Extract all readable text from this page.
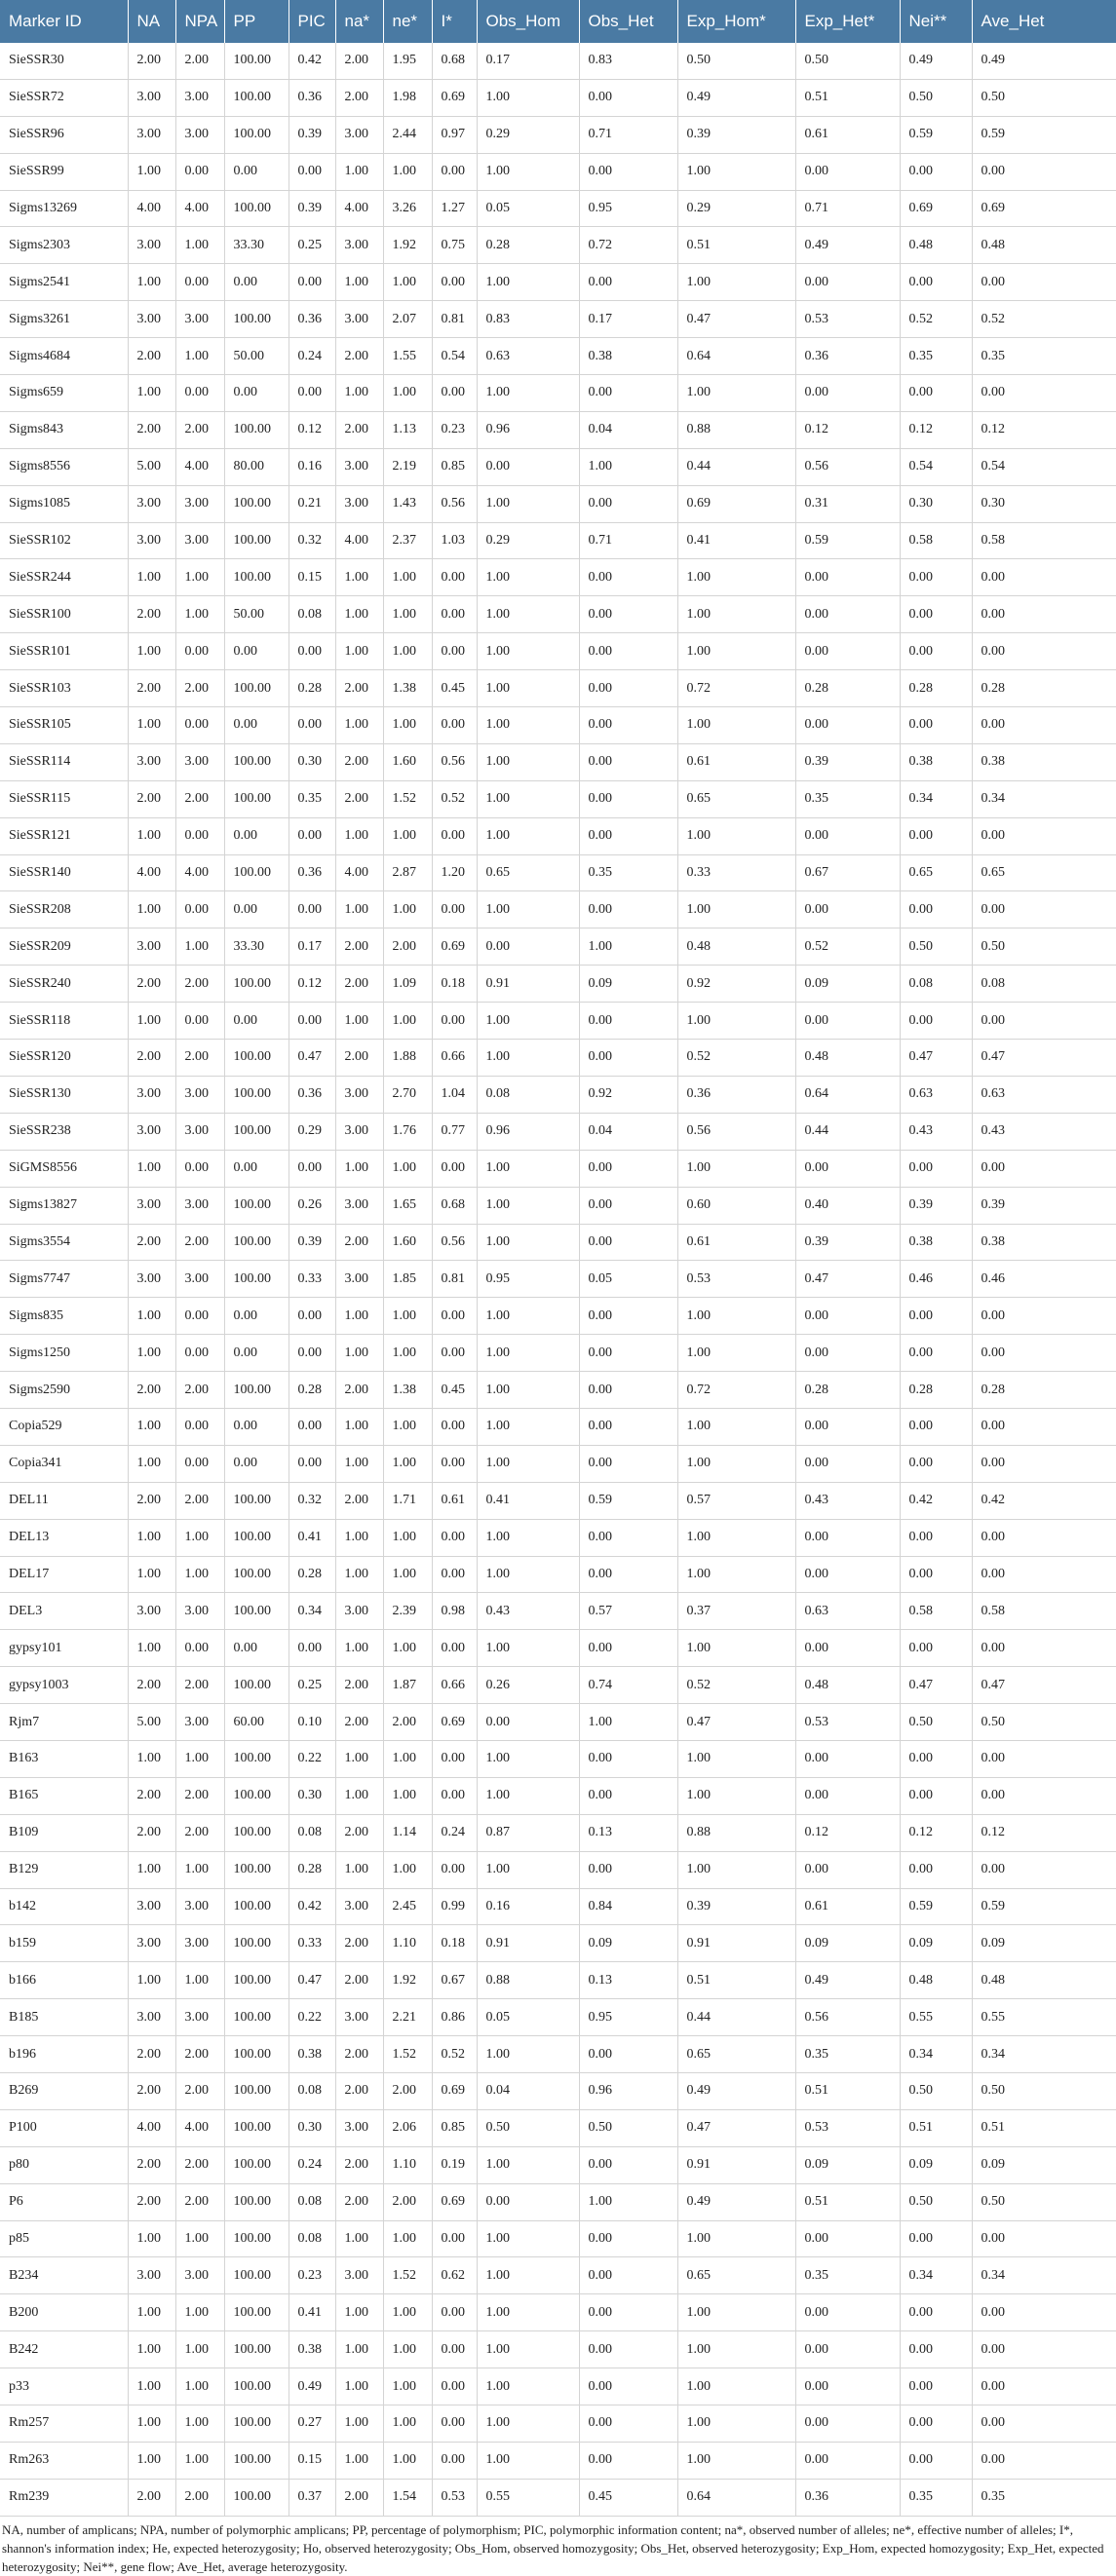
Marker ID	NA	NPA	PP	PIC	na*	ne*	I*	Obs_Hom	Obs_Het	Exp_Hom*	Exp_Het*	Nei**	Ave_Het
SieSSR30	2.00	2.00	100.00	0.42	2.00	1.95	0.68	0.17	0.83	0.50	0.50	0.49	0.49
SieSSR72	3.00	3.00	100.00	0.36	2.00	1.98	0.69	1.00	0.00	0.49	0.51	0.50	0.50
SieSSR96	3.00	3.00	100.00	0.39	3.00	2.44	0.97	0.29	0.71	0.39	0.61	0.59	0.59
SieSSR99	1.00	0.00	0.00	0.00	1.00	1.00	0.00	1.00	0.00	1.00	0.00	0.00	0.00
Sigms13269	4.00	4.00	100.00	0.39	4.00	3.26	1.27	0.05	0.95	0.29	0.71	0.69	0.69
Sigms2303	3.00	1.00	33.30	0.25	3.00	1.92	0.75	0.28	0.72	0.51	0.49	0.48	0.48
Sigms2541	1.00	0.00	0.00	0.00	1.00	1.00	0.00	1.00	0.00	1.00	0.00	0.00	0.00
Sigms3261	3.00	3.00	100.00	0.36	3.00	2.07	0.81	0.83	0.17	0.47	0.53	0.52	0.52
Sigms4684	2.00	1.00	50.00	0.24	2.00	1.55	0.54	0.63	0.38	0.64	0.36	0.35	0.35
Sigms659	1.00	0.00	0.00	0.00	1.00	1.00	0.00	1.00	0.00	1.00	0.00	0.00	0.00
Sigms843	2.00	2.00	100.00	0.12	2.00	1.13	0.23	0.96	0.04	0.88	0.12	0.12	0.12
Sigms8556	5.00	4.00	80.00	0.16	3.00	2.19	0.85	0.00	1.00	0.44	0.56	0.54	0.54
Sigms1085	3.00	3.00	100.00	0.21	3.00	1.43	0.56	1.00	0.00	0.69	0.31	0.30	0.30
SieSSR102	3.00	3.00	100.00	0.32	4.00	2.37	1.03	0.29	0.71	0.41	0.59	0.58	0.58
SieSSR244	1.00	1.00	100.00	0.15	1.00	1.00	0.00	1.00	0.00	1.00	0.00	0.00	0.00
SieSSR100	2.00	1.00	50.00	0.08	1.00	1.00	0.00	1.00	0.00	1.00	0.00	0.00	0.00
SieSSR101	1.00	0.00	0.00	0.00	1.00	1.00	0.00	1.00	0.00	1.00	0.00	0.00	0.00
SieSSR103	2.00	2.00	100.00	0.28	2.00	1.38	0.45	1.00	0.00	0.72	0.28	0.28	0.28
SieSSR105	1.00	0.00	0.00	0.00	1.00	1.00	0.00	1.00	0.00	1.00	0.00	0.00	0.00
SieSSR114	3.00	3.00	100.00	0.30	2.00	1.60	0.56	1.00	0.00	0.61	0.39	0.38	0.38
SieSSR115	2.00	2.00	100.00	0.35	2.00	1.52	0.52	1.00	0.00	0.65	0.35	0.34	0.34
SieSSR121	1.00	0.00	0.00	0.00	1.00	1.00	0.00	1.00	0.00	1.00	0.00	0.00	0.00
SieSSR140	4.00	4.00	100.00	0.36	4.00	2.87	1.20	0.65	0.35	0.33	0.67	0.65	0.65
SieSSR208	1.00	0.00	0.00	0.00	1.00	1.00	0.00	1.00	0.00	1.00	0.00	0.00	0.00
SieSSR209	3.00	1.00	33.30	0.17	2.00	2.00	0.69	0.00	1.00	0.48	0.52	0.50	0.50
SieSSR240	2.00	2.00	100.00	0.12	2.00	1.09	0.18	0.91	0.09	0.92	0.09	0.08	0.08
SieSSR118	1.00	0.00	0.00	0.00	1.00	1.00	0.00	1.00	0.00	1.00	0.00	0.00	0.00
SieSSR120	2.00	2.00	100.00	0.47	2.00	1.88	0.66	1.00	0.00	0.52	0.48	0.47	0.47
SieSSR130	3.00	3.00	100.00	0.36	3.00	2.70	1.04	0.08	0.92	0.36	0.64	0.63	0.63
SieSSR238	3.00	3.00	100.00	0.29	3.00	1.76	0.77	0.96	0.04	0.56	0.44	0.43	0.43
SiGMS8556	1.00	0.00	0.00	0.00	1.00	1.00	0.00	1.00	0.00	1.00	0.00	0.00	0.00
Sigms13827	3.00	3.00	100.00	0.26	3.00	1.65	0.68	1.00	0.00	0.60	0.40	0.39	0.39
Sigms3554	2.00	2.00	100.00	0.39	2.00	1.60	0.56	1.00	0.00	0.61	0.39	0.38	0.38
Sigms7747	3.00	3.00	100.00	0.33	3.00	1.85	0.81	0.95	0.05	0.53	0.47	0.46	0.46
Sigms835	1.00	0.00	0.00	0.00	1.00	1.00	0.00	1.00	0.00	1.00	0.00	0.00	0.00
Sigms1250	1.00	0.00	0.00	0.00	1.00	1.00	0.00	1.00	0.00	1.00	0.00	0.00	0.00
Sigms2590	2.00	2.00	100.00	0.28	2.00	1.38	0.45	1.00	0.00	0.72	0.28	0.28	0.28
Copia529	1.00	0.00	0.00	0.00	1.00	1.00	0.00	1.00	0.00	1.00	0.00	0.00	0.00
Copia341	1.00	0.00	0.00	0.00	1.00	1.00	0.00	1.00	0.00	1.00	0.00	0.00	0.00
DEL11	2.00	2.00	100.00	0.32	2.00	1.71	0.61	0.41	0.59	0.57	0.43	0.42	0.42
DEL13	1.00	1.00	100.00	0.41	1.00	1.00	0.00	1.00	0.00	1.00	0.00	0.00	0.00
DEL17	1.00	1.00	100.00	0.28	1.00	1.00	0.00	1.00	0.00	1.00	0.00	0.00	0.00
DEL3	3.00	3.00	100.00	0.34	3.00	2.39	0.98	0.43	0.57	0.37	0.63	0.58	0.58
gypsy101	1.00	0.00	0.00	0.00	1.00	1.00	0.00	1.00	0.00	1.00	0.00	0.00	0.00
gypsy1003	2.00	2.00	100.00	0.25	2.00	1.87	0.66	0.26	0.74	0.52	0.48	0.47	0.47
Rjm7	5.00	3.00	60.00	0.10	2.00	2.00	0.69	0.00	1.00	0.47	0.53	0.50	0.50
B163	1.00	1.00	100.00	0.22	1.00	1.00	0.00	1.00	0.00	1.00	0.00	0.00	0.00
B165	2.00	2.00	100.00	0.30	1.00	1.00	0.00	1.00	0.00	1.00	0.00	0.00	0.00
B109	2.00	2.00	100.00	0.08	2.00	1.14	0.24	0.87	0.13	0.88	0.12	0.12	0.12
B129	1.00	1.00	100.00	0.28	1.00	1.00	0.00	1.00	0.00	1.00	0.00	0.00	0.00
b142	3.00	3.00	100.00	0.42	3.00	2.45	0.99	0.16	0.84	0.39	0.61	0.59	0.59
b159	3.00	3.00	100.00	0.33	2.00	1.10	0.18	0.91	0.09	0.91	0.09	0.09	0.09
b166	1.00	1.00	100.00	0.47	2.00	1.92	0.67	0.88	0.13	0.51	0.49	0.48	0.48
B185	3.00	3.00	100.00	0.22	3.00	2.21	0.86	0.05	0.95	0.44	0.56	0.55	0.55
b196	2.00	2.00	100.00	0.38	2.00	1.52	0.52	1.00	0.00	0.65	0.35	0.34	0.34
B269	2.00	2.00	100.00	0.08	2.00	2.00	0.69	0.04	0.96	0.49	0.51	0.50	0.50
P100	4.00	4.00	100.00	0.30	3.00	2.06	0.85	0.50	0.50	0.47	0.53	0.51	0.51
p80	2.00	2.00	100.00	0.24	2.00	1.10	0.19	1.00	0.00	0.91	0.09	0.09	0.09
P6	2.00	2.00	100.00	0.08	2.00	2.00	0.69	0.00	1.00	0.49	0.51	0.50	0.50
p85	1.00	1.00	100.00	0.08	1.00	1.00	0.00	1.00	0.00	1.00	0.00	0.00	0.00
B234	3.00	3.00	100.00	0.23	3.00	1.52	0.62	1.00	0.00	0.65	0.35	0.34	0.34
B200	1.00	1.00	100.00	0.41	1.00	1.00	0.00	1.00	0.00	1.00	0.00	0.00	0.00
B242	1.00	1.00	100.00	0.38	1.00	1.00	0.00	1.00	0.00	1.00	0.00	0.00	0.00
p33	1.00	1.00	100.00	0.49	1.00	1.00	0.00	1.00	0.00	1.00	0.00	0.00	0.00
Rm257	1.00	1.00	100.00	0.27	1.00	1.00	0.00	1.00	0.00	1.00	0.00	0.00	0.00
Rm263	1.00	1.00	100.00	0.15	1.00	1.00	0.00	1.00	0.00	1.00	0.00	0.00	0.00
Rm239	2.00	2.00	100.00	0.37	2.00	1.54	0.53	0.55	0.45	0.64	0.36	0.35	0.35
NA, number of amplicans; NPA, number of polymorphic amplicans; PP, percentage of polymorphism; PIC, polymorphic information content; na*, observed number of alleles; ne*, effective number of alleles; I*, shannon's information index; He, expected heterozygosity; Ho, observed heterozygosity; Obs_Hom, observed homozygosity; Obs_Het, observed heterozygosity; Exp_Hom, expected homozygosity; Exp_Het, expected heterozygosity; Nei**, gene flow; Ave_Het, average heterozygosity.
